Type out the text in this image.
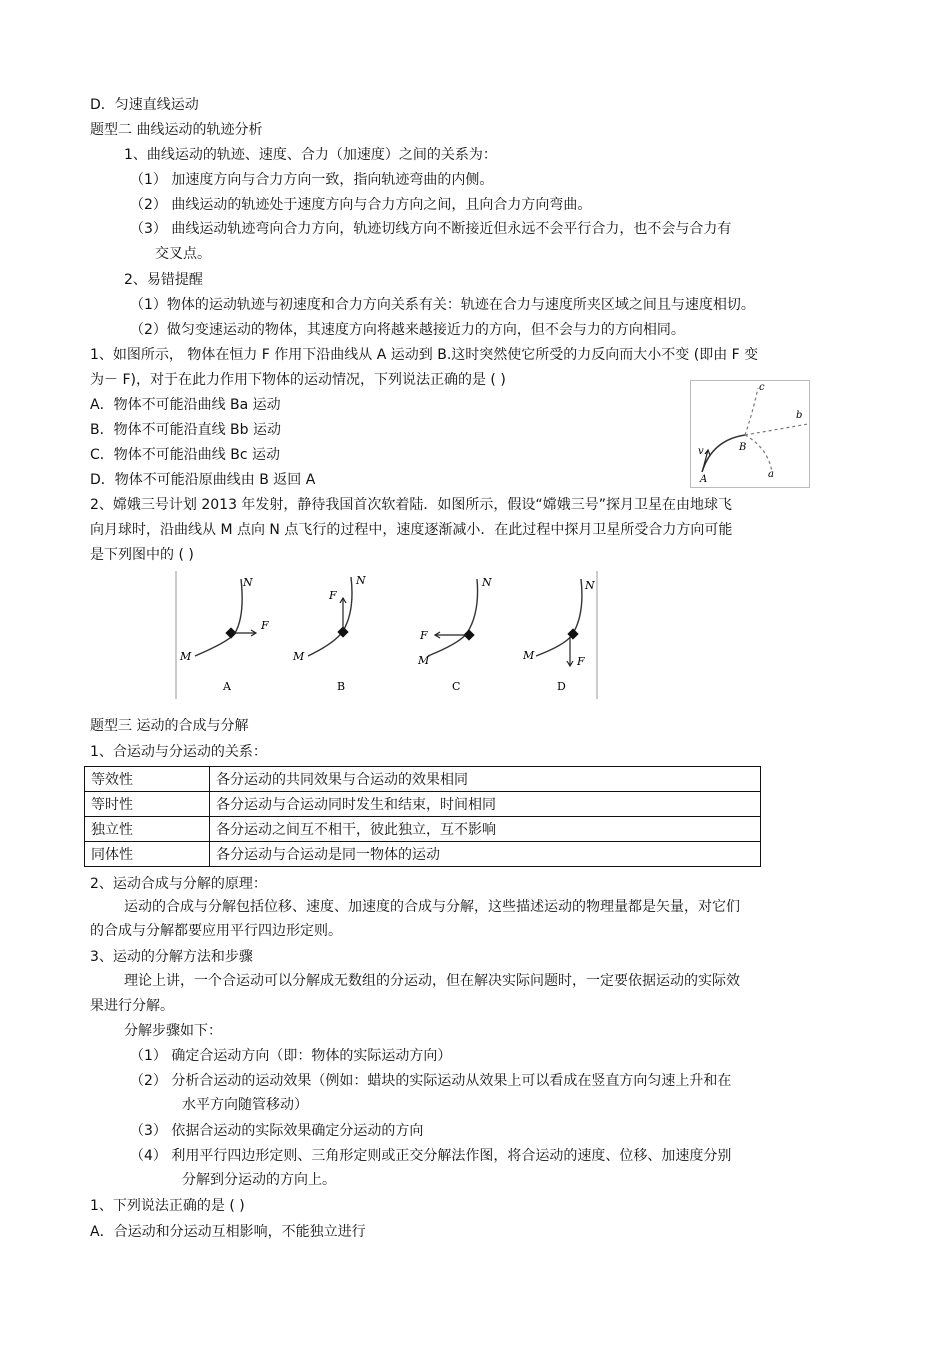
D．匀速直线运动
题型二 曲线运动的轨迹分析
1、曲线运动的轨迹、速度、合力（加速度）之间的关系为：
（1） 加速度方向与合力方向一致，指向轨迹弯曲的内侧。
（2） 曲线运动的轨迹处于速度方向与合力方向之间，且向合力方向弯曲。
（3） 曲线运动轨迹弯向合力方向，轨迹切线方向不断接近但永远不会平行合力，也不会与合力有
交叉点。
2、易错提醒
（1）物体的运动轨迹与初速度和合力方向关系有关：轨迹在合力与速度所夹区域之间且与速度相切。
（2）做匀变速运动的物体，其速度方向将越来越接近力的方向，但不会与力的方向相同。
1、如图所示， 物体在恒力 F 作用下沿曲线从 A 运动到 B.这时突然使它所受的力反向而大小不变 (即由 F 变
为－ F)，对于在此力作用下物体的运动情况，下列说法正确的是 ( )
A．物体不可能沿曲线 Ba 运动
B．物体不可能沿直线 Bb 运动
C．物体不可能沿曲线 Bc 运动
D．物体不可能沿原曲线由 B 返回 A
c
b
a
v
A
B
2、嫦娥三号计划 2013 年发射，静待我国首次软着陆．如图所示，假设“嫦娥三号”探月卫星在由地球飞
向月球时，沿曲线从 M 点向 N 点飞行的过程中，速度逐渐减小．在此过程中探月卫星所受合力方向可能
是下列图中的 ( )
N
M
F
A
N
M
F
B
N
M
F
C
N
M	F
D
题型三 运动的合成与分解
1、合运动与分运动的关系：
等效性	各分运动的共同效果与合运动的效果相同
等时性	各分运动与合运动同时发生和结束，时间相同
独立性	各分运动之间互不相干，彼此独立，互不影响
同体性	各分运动与合运动是同一物体的运动
2、运动合成与分解的原理：
运动的合成与分解包括位移、速度、加速度的合成与分解，这些描述运动的物理量都是矢量，对它们
的合成与分解都要应用平行四边形定则。
3、运动的分解方法和步骤
理论上讲，一个合运动可以分解成无数组的分运动，但在解决实际问题时，一定要依据运动的实际效
果进行分解。
分解步骤如下：
（1） 确定合运动方向（即：物体的实际运动方向）
（2） 分析合运动的运动效果（例如：蜡块的实际运动从效果上可以看成在竖直方向匀速上升和在
水平方向随管移动）
（3） 依据合运动的实际效果确定分运动的方向
（4） 利用平行四边形定则、三角形定则或正交分解法作图，将合运动的速度、位移、加速度分别
分解到分运动的方向上。
1、下列说法正确的是 ( )
A．合运动和分运动互相影响，不能独立进行
